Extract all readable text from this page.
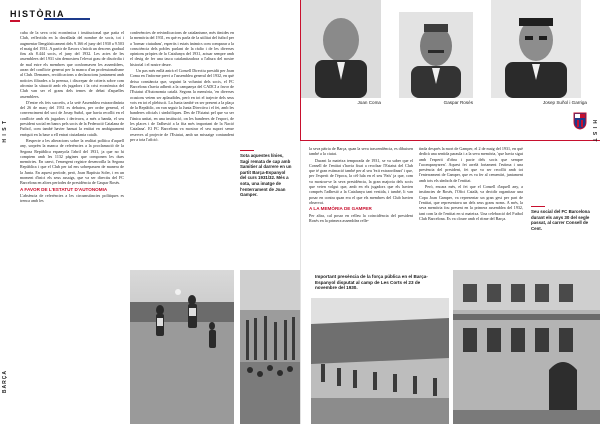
HISTÒRIA
H I S T
BARÇA

cuba de la seva crisi econòmica i institucional que patia el Club, reflectida en la davallada del nombre de socis, tot i augmentar llengüísticament dels 9.166 el juny del 1930 a 9.503 el maig del 1931. A partir de llavors s'inicià un descens gradual fins als 8.444 socis, el juny del 1932. Les actes de les assemblees del 1931 són demostreu l'elevat grau de discòrdia i de mal estre els membres que conformaven les assemblees, arran del conflicte generat per la manca d'un professionalisme al Club. Demanes, rectificacions a declaracions juntament amb noticies filtrades a la premsa, i discrepar de criteris sobre com afrontar la situació amb els jugadors i la crisi econòmica del Club van ser el grans dels temes de debat d'aquelles assemblees.

D'entre els fets succeïts, a la setè Assemblea extraordinària del 26 de març del 1931 es debateu, per ordre general, el convenciment del soci de Josep Suñol, que havia recollit en el conflicte amb els jugadors i derivava, a més a banda, el seu president social en bancs pels socis de la Federació Catalana de Futbol, com també havier hansat la entitat en ambiguament enriquit en la base a ell entrat ciutadania català.

Respecte a les alteracions sobre la realitat política d'aquell any, sorprèn la manca de referències a la proclamació de la Segona República espanyola l'abril del 1931, ja que no hi comptem amb les 1132 pàgines que componen les dues memòries. En canvi, l'emergent registre desenrotlla la Segona República i que el Club per tal ens sobrepassen de manera de la Junta. En aquest període, però, Joan Baptista Soler, i en un moment d'inici els seus assaigs, que va ser directiu del FC Barcelona en altres períodes de presidència de Gaspar Rosés.

A FAVOR DE L'ESTATUT D'AUTONOMIA

L'absència de referències a les circumstàncies polítiques es trenca amb les

conferències de reivindicacions de catalanisme, més tímides en la memòria del 1931, en què es parla de la utilitat del futbol per a 'formar ciutadans', esperits i estats ànimics com comparar a la consciència dels pobles parlant de la ràdio i de les diverses opinions pròpies de la Catalunya del 1931, actuar sempre amb el desig de fer una tasca catalanitzadora a l'altura del nostre historial i el nostre deure.

Un pas més enllà anirà el Consell Directiu presidit per Joan Coma en l'informe previ a l'assemblea general del 1932, en què deixa constància que, seguint la voluntat dels socis, el FC Barcelona s'havia adherit a la campanya del CADCI a favor de l'Estatut d'Autonomia català. Segons la memòria, 'en diverses ocasions veiem ser aplaudides, però en tot el trajecte dels seus vots en tot el plebiscit. La Junta també va ser present a la plaça de la Repúblic, on van seguir la Junta Directiva i el fet, amb les banderes oficials i simbòliques. Des de l'Estatut pel que va ser l'única unitat, en una institució, on les banderes de l'esport, de les places i de l'adhesió a la fita més important de la Nació Catalana'. El FC Barcelona va mostrar el seu suport sense reserves al projecte de l'Estatut, amb un missatge contundent per a tota l'afició.

Sota aquestes línies, Sagi remata de cap amb Samitier al darrere en un partit Barça-Espanyol del curs 1931/32. Més a sota, una imatge de l'enterrament de Joan Gamper.
H I S T
Joan Coma	Gaspar Rosés	Josep Suñol i Garriga

la seva pàtria de Barça, quan la seva trascendència, es dibuixen també a la ciutat.

Durant la mateixa temporada de 1931, se va saber que el Consell de l'entitat s'havia fixat a recolzar l'Estatut del Club que té gran estimació també per al seu 'èxit extraordinari' i que, per l'esperit de l'època, la cèl·lula en el seu 'País' ja que, com va mostrar-se la seva presidència, la gran majoria dels socis que veien volgut que, amb en els jugadors que els havien comprès l'adhesió a la Catalunya tant vestida, i també, li van posar en contra quan era el que els membres del Club havien observat.

A LA MEMÒRIA DE GAMPER

Per altra, cal posar en relleu la coincidència del president Rosés en la primera assemblea relle-

tinda després la mort de Gamper, el 2 de maig del 1931, en què dedicà una sentida paraula i a la seva memòria, 'que havia sigut amb l'esperit d'obra i pacte dels socis que sempre l'acompanyaren'. Aquest fet arrelà fortament l'estima i una presència del president, fet que va ser recollit amb tot l'enterrament de Gamper, que es va fer al cementiri, juntament amb tots els símbols de l'entitat.

Però, encara més, el fet que el Consell d'aquell any, a instàncies de Rosés, l'Ofici Català, va decidir organitzar una Copa Joan Gamper, va representar un gran gest per part de l'entitat, que representava un dels seus grans noms. A més, la seva memòria fou present en la primera assemblea del 1932, tant com la de l'entitat en si mateixa. Una celebració del Futbol Club Barcelona. Es va cloure amb el ritme del Barça.

Seu social del FC Barcelona durant els anys 30 del segle passat, al carrer Consell de Cent.
Important presència de la força pública en el Barça-Espanyol disputat al camp de Les Corts el 23 de novembre del 1930.
